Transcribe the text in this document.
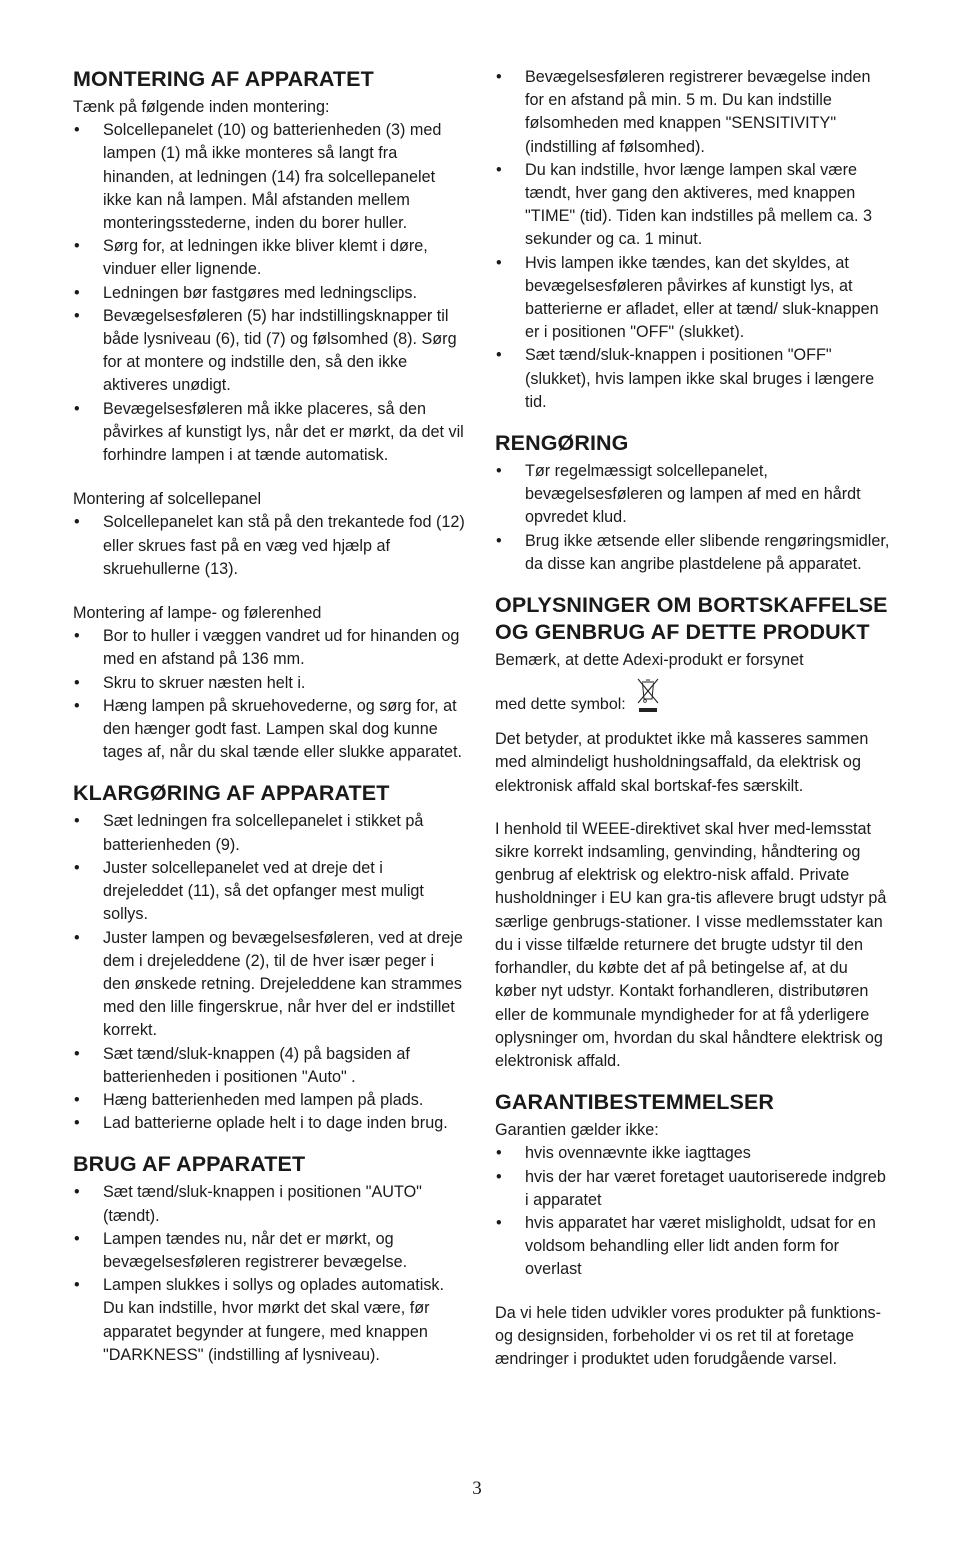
MONTERING AF APPARATET

Tænk på følgende inden montering:

• Solcellepanelet (10) og batterienheden (3) med lampen (1) må ikke monteres så langt fra hinanden, at ledningen (14) fra solcellepanelet ikke kan nå lampen. Mål afstanden mellem monteringsstederne, inden du borer huller.
• Sørg for, at ledningen ikke bliver klemt i døre, vinduer eller lignende.
• Ledningen bør fastgøres med ledningsclips.
• Bevægelsesføleren (5) har indstillingsknapper til både lysniveau (6), tid (7) og følsomhed (8). Sørg for at montere og indstille den, så den ikke aktiveres unødigt.
• Bevægelsesføleren må ikke placeres, så den påvirkes af kunstigt lys, når det er mørkt, da det vil forhindre lampen i at tænde automatisk.

Montering af solcellepanel

• Solcellepanelet kan stå på den trekantede fod (12) eller skrues fast på en væg ved hjælp af skruehullerne (13).

Montering af lampe- og følerenhed

• Bor to huller i væggen vandret ud for hinanden og med en afstand på 136 mm.
• Skru to skruer næsten helt i.
• Hæng lampen på skruehovederne, og sørg for, at den hænger godt fast. Lampen skal dog kunne tages af, når du skal tænde eller slukke apparatet.
KLARGØRING AF APPARATET
• Sæt ledningen fra solcellepanelet i stikket på batterienheden (9).
• Juster solcellepanelet ved at dreje det i drejeleddet (11), så det opfanger mest muligt sollys.
• Juster lampen og bevægelsesføleren, ved at dreje dem i drejeleddene (2), til de hver især peger i den ønskede retning. Drejeleddene kan strammes med den lille fingerskrue, når hver del er indstillet korrekt.
• Sæt tænd/sluk-knappen (4) på bagsiden af batterienheden i positionen "Auto" .
• Hæng batterienheden med lampen på plads.
• Lad batterierne oplade helt i to dage inden brug.
BRUG AF APPARATET
• Sæt tænd/sluk-knappen i positionen "AUTO" (tændt).
• Lampen tændes nu, når det er mørkt, og bevægelsesføleren registrerer bevægelse.
• Lampen slukkes i sollys og oplades automatisk. Du kan indstille, hvor mørkt det skal være, før apparatet begynder at fungere, med knappen "DARKNESS" (indstilling af lysniveau).
• Bevægelsesføleren registrerer bevægelse inden for en afstand på min. 5 m. Du kan indstille følsomheden med knappen "SENSITIVITY" (indstilling af følsomhed).
• Du kan indstille, hvor længe lampen skal være tændt, hver gang den aktiveres, med knappen "TIME" (tid). Tiden kan indstilles på mellem ca. 3 sekunder og ca. 1 minut.
• Hvis lampen ikke tændes, kan det skyldes, at bevægelsesføleren påvirkes af kunstigt lys, at batterierne er afladet, eller at tænd/ sluk-knappen er i positionen "OFF" (slukket).
• Sæt tænd/sluk-knappen i positionen "OFF" (slukket), hvis lampen ikke skal bruges i længere tid.
RENGØRING
• Tør regelmæssigt solcellepanelet, bevægelsesføleren og lampen af med en hårdt opvredet klud.
• Brug ikke ætsende eller slibende rengøringsmidler, da disse kan angribe plastdelene på apparatet.
OPLYSNINGER OM BORTSKAFFELSE OG GENBRUG AF DETTE PRODUKT

Bemærk, at dette Adexi-produkt er forsynet

med dette symbol:

Det betyder, at produktet ikke må kasseres sammen med almindeligt husholdningsaffald, da elektrisk og elektronisk affald skal bortskaf-fes særskilt.

I henhold til WEEE-direktivet skal hver med-lemsstat sikre korrekt indsamling, genvinding, håndtering og genbrug af elektrisk og elektro-nisk affald. Private husholdninger i EU kan gra-tis aflevere brugt udstyr på særlige genbrugs-stationer. I visse medlemsstater kan du i visse tilfælde returnere det brugte udstyr til den forhandler, du købte det af på betingelse af, at du køber nyt udstyr. Kontakt forhandleren, distributøren eller de kommunale myndigheder for at få yderligere oplysninger om, hvordan du skal håndtere elektrisk og elektronisk affald.

GARANTIBESTEMMELSER

Garantien gælder ikke:

• hvis ovennævnte ikke iagttages
• hvis der har været foretaget uautoriserede indgreb i apparatet
• hvis apparatet har været misligholdt, udsat for en voldsom behandling eller lidt anden form for overlast

Da vi hele tiden udvikler vores produkter på funktions- og designsiden, forbeholder vi os ret til at foretage ændringer i produktet uden forudgående varsel.

3
